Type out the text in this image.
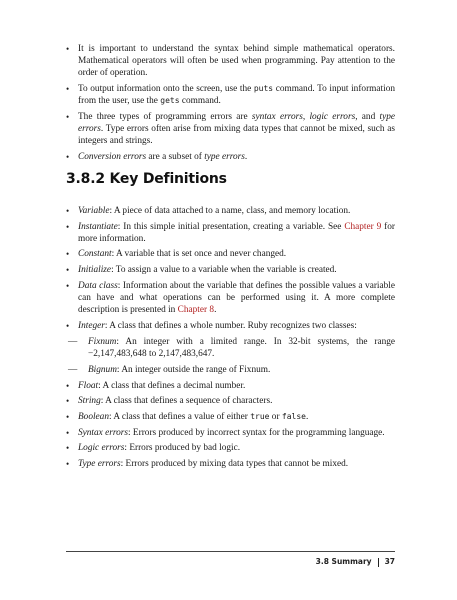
• It is important to understand the syntax behind simple mathematical operators. Mathematical operators will often be used when programming. Pay attention to the order of operation.
• To output information onto the screen, use the puts command. To input information from the user, use the gets command.
• The three types of programming errors are syntax errors, logic errors, and type errors. Type errors often arise from mixing data types that cannot be mixed, such as integers and strings.
• Conversion errors are a subset of type errors.
3.8.2 Key Definitions
• Variable: A piece of data attached to a name, class, and memory location.
• Instantiate: In this simple initial presentation, creating a variable. See Chapter 9 for more information.
• Constant: A variable that is set once and never changed.
• Initialize: To assign a value to a variable when the variable is created.
• Data class: Information about the variable that defines the possible values a variable can have and what operations can be performed using it. A more complete description is presented in Chapter 8.
• Integer: A class that defines a whole number. Ruby recognizes two classes:
— Fixnum: An integer with a limited range. In 32-bit systems, the range −2,147,483,648 to 2,147,483,647.
— Bignum: An integer outside the range of Fixnum.
• Float: A class that defines a decimal number.
• String: A class that defines a sequence of characters.
• Boolean: A class that defines a value of either true or false.
• Syntax errors: Errors produced by incorrect syntax for the programming language.
• Logic errors: Errors produced by bad logic.
• Type errors: Errors produced by mixing data types that cannot be mixed.
3.8 Summary 37
